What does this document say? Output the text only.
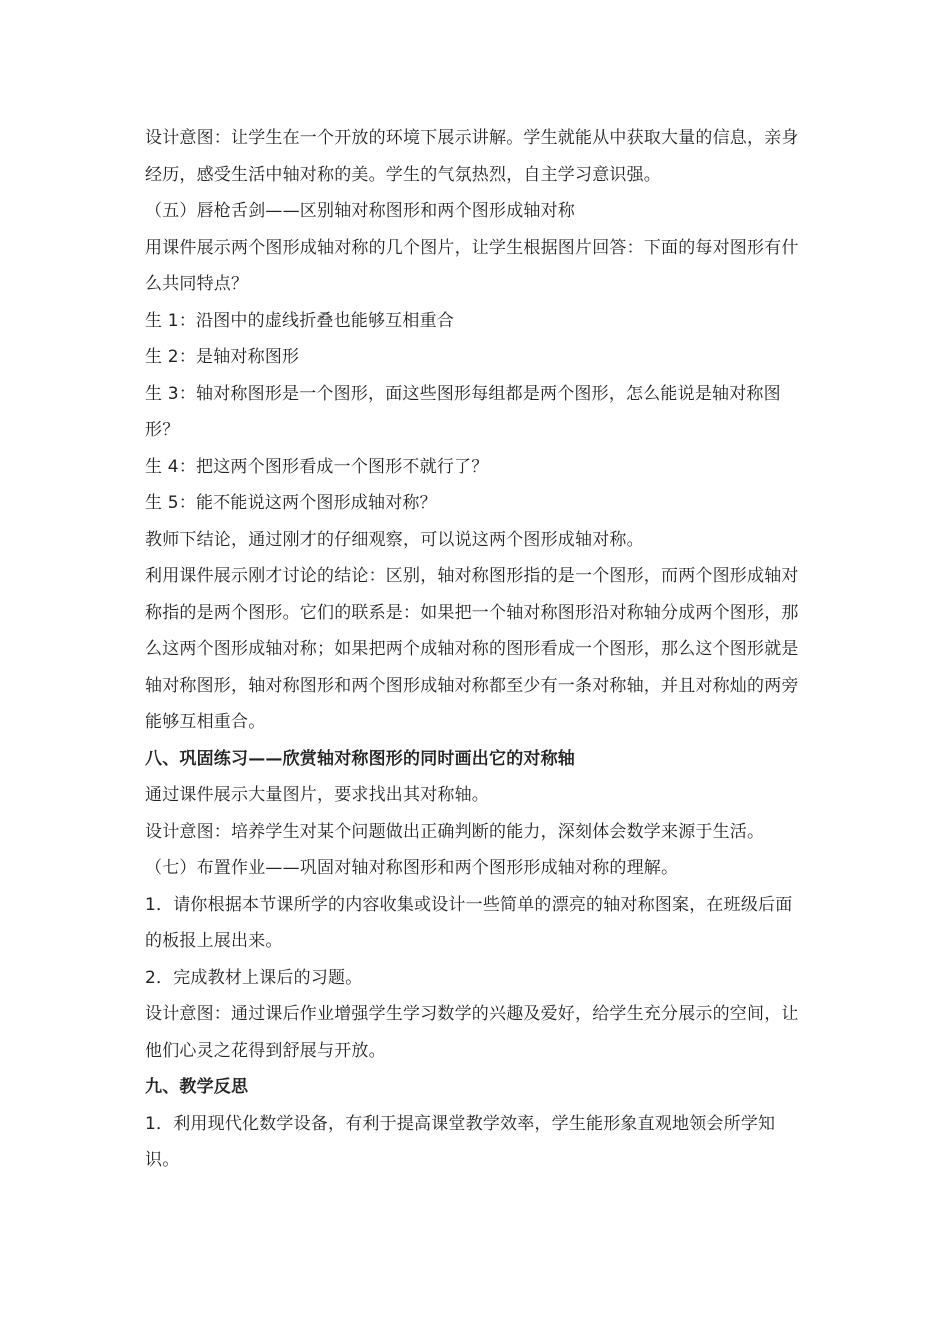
设计意图：让学生在一个开放的环境下展示讲解。学生就能从中获取大量的信息，亲身经历，感受生活中轴对称的美。学生的气氛热烈，自主学习意识强。

（五）唇枪舌剑——区别轴对称图形和两个图形成轴对称

用课件展示两个图形成轴对称的几个图片，让学生根据图片回答：下面的每对图形有什么共同特点？

生 1：沿图中的虚线折叠也能够互相重合

生 2：是轴对称图形

生 3：轴对称图形是一个图形，面这些图形每组都是两个图形，怎么能说是轴对称图形？

生 4：把这两个图形看成一个图形不就行了？

生 5：能不能说这两个图形成轴对称？

教师下结论，通过刚才的仔细观察，可以说这两个图形成轴对称。

利用课件展示刚才讨论的结论：区别，轴对称图形指的是一个图形，而两个图形成轴对称指的是两个图形。它们的联系是：如果把一个轴对称图形沿对称轴分成两个图形，那么这两个图形成轴对称；如果把两个成轴对称的图形看成一个图形，那么这个图形就是轴对称图形，轴对称图形和两个图形成轴对称都至少有一条对称轴，并且对称灿的两旁能够互相重合。

八、巩固练习——欣赏轴对称图形的同时画出它的对称轴

通过课件展示大量图片，要求找出其对称轴。

设计意图：培养学生对某个问题做出正确判断的能力，深刻体会数学来源于生活。

（七）布置作业——巩固对轴对称图形和两个图形形成轴对称的理解。

1．请你根据本节课所学的内容收集或设计一些简单的漂亮的轴对称图案，在班级后面的板报上展出来。

2．完成教材上课后的习题。

设计意图：通过课后作业增强学生学习数学的兴趣及爱好，给学生充分展示的空间，让他们心灵之花得到舒展与开放。

九、教学反思

1．利用现代化数学设备，有利于提高课堂教学效率，学生能形象直观地领会所学知识。
